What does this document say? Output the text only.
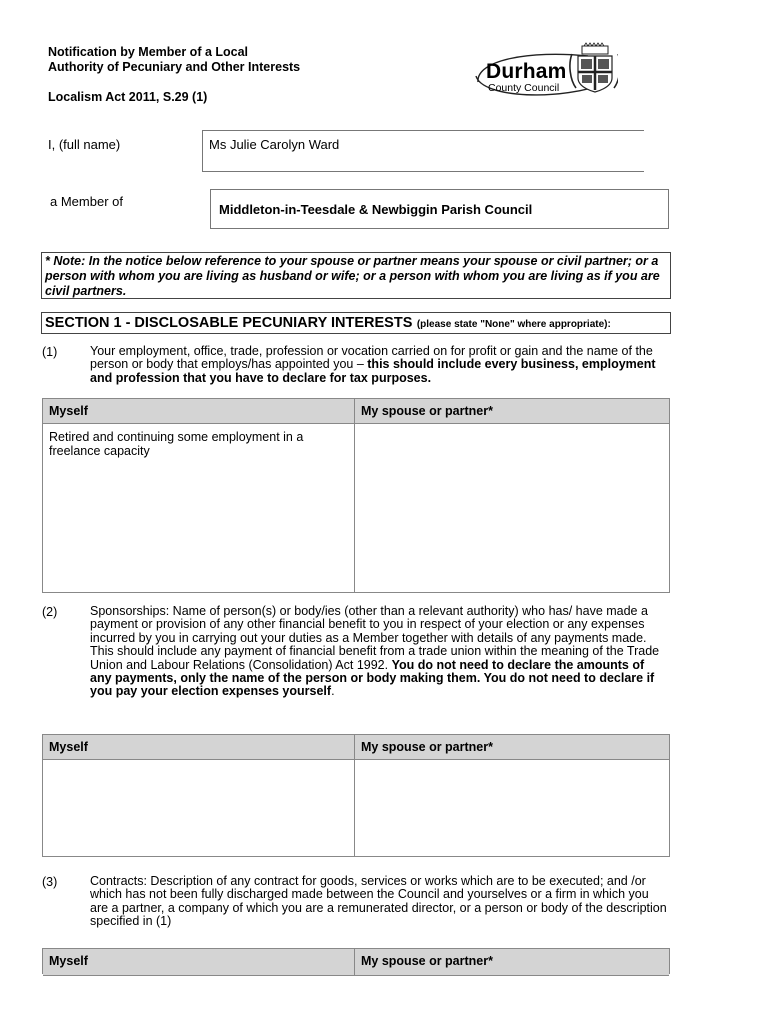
Notification by Member of a Local
Authority of Pecuniary and Other Interests
Localism Act 2011, S.29 (1)
Durham
County Council
I, (full name)	Ms Julie Carolyn Ward
a Member of
Middleton-in-Teesdale & Newbiggin Parish Council
* Note: In the notice below reference to your spouse or partner means your spouse or civil partner; or a person with whom you are living as husband or wife; or a person with whom you are living as if you are civil partners.
SECTION 1 - DISCLOSABLE PECUNIARY INTERESTS (please state "None" where appropriate):
(1)	Your employment, office, trade, profession or vocation carried on for profit or gain and the name of the person or body that employs/has appointed you – this should include every business, employment and profession that you have to declare for tax purposes.
Myself	My spouse or partner*
Retired and continuing some employment in a freelance capacity
(2)	Sponsorships: Name of person(s) or body/ies (other than a relevant authority) who has/ have made a payment or provision of any other financial benefit to you in respect of your election or any expenses incurred by you in carrying out your duties as a Member together with details of any payments made. This should include any payment of financial benefit from a trade union within the meaning of the Trade Union and Labour Relations (Consolidation) Act 1992. You do not need to declare the amounts of any payments, only the name of the person or body making them. You do not need to declare if you pay your election expenses yourself.
Myself	My spouse or partner*
(3)	Contracts: Description of any contract for goods, services or works which are to be executed; and /or which has not been fully discharged made between the Council and yourselves or a firm in which you are a partner, a company of which you are a remunerated director, or a person or body of the description specified in (1)
Myself	My spouse or partner*
